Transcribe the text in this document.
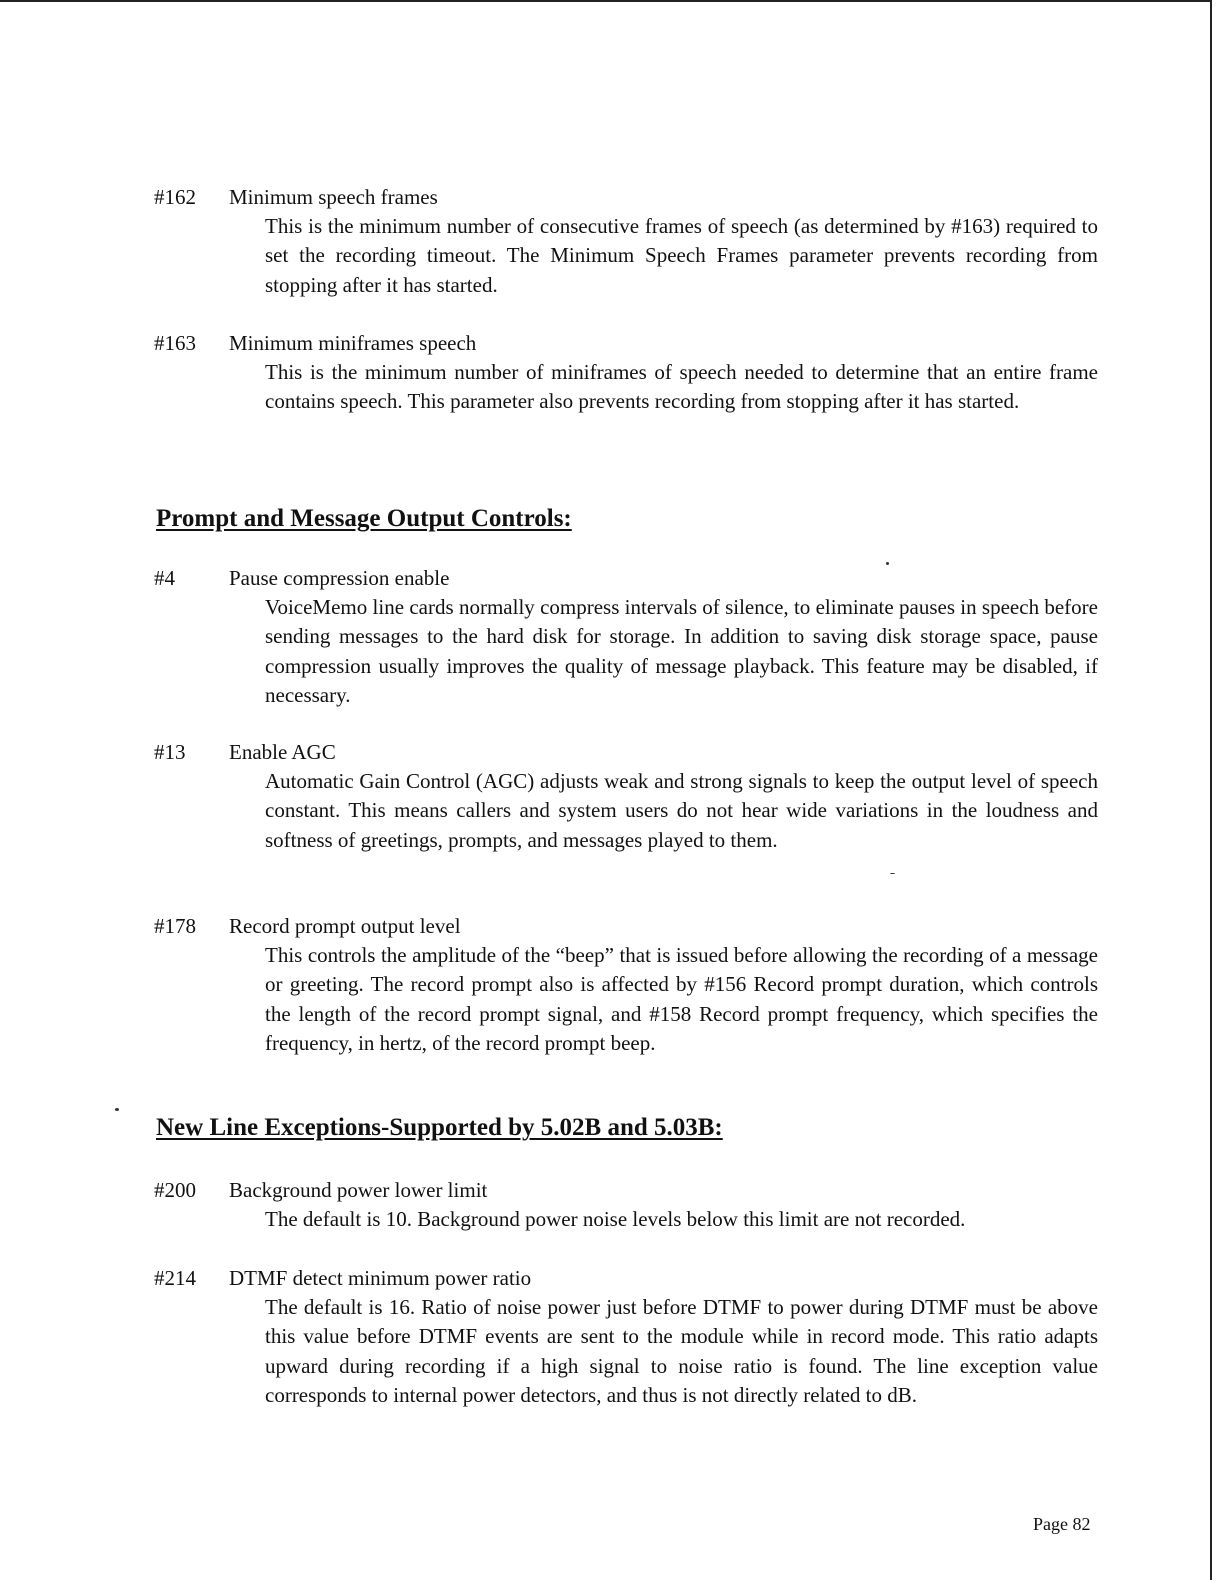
#162 Minimum speech frames
This is the minimum number of consecutive frames of speech (as determined by #163) required to set the recording timeout. The Minimum Speech Frames parameter prevents recording from stopping after it has started.
#163 Minimum miniframes speech
This is the minimum number of miniframes of speech needed to determine that an entire frame contains speech. This parameter also prevents recording from stopping after it has started.
Prompt and Message Output Controls:
#4	Pause compression enable
VoiceMemo line cards normally compress intervals of silence, to eliminate pauses in speech before sending messages to the hard disk for storage. In addition to saving disk storage space, pause compression usually improves the quality of message playback. This feature may be disabled, if necessary.
#13 Enable AGC
Automatic Gain Control (AGC) adjusts weak and strong signals to keep the output level of speech constant. This means callers and system users do not hear wide variations in the loudness and softness of greetings, prompts, and messages played to them.
#178 Record prompt output level
This controls the amplitude of the “beep” that is issued before allowing the recording of a message or greeting. The record prompt also is affected by #156 Record prompt duration, which controls the length of the record prompt signal, and #158 Record prompt frequency, which specifies the frequency, in hertz, of the record prompt beep.
New Line Exceptions-Supported by 5.02B and 5.03B:
#200 Background power lower limit
The default is 10. Background power noise levels below this limit are not recorded.
#214 DTMF detect minimum power ratio
The default is 16. Ratio of noise power just before DTMF to power during DTMF must be above this value before DTMF events are sent to the module while in record mode. This ratio adapts upward during recording if a high signal to noise ratio is found. The line exception value corresponds to internal power detectors, and thus is not directly related to dB.
Page 82
